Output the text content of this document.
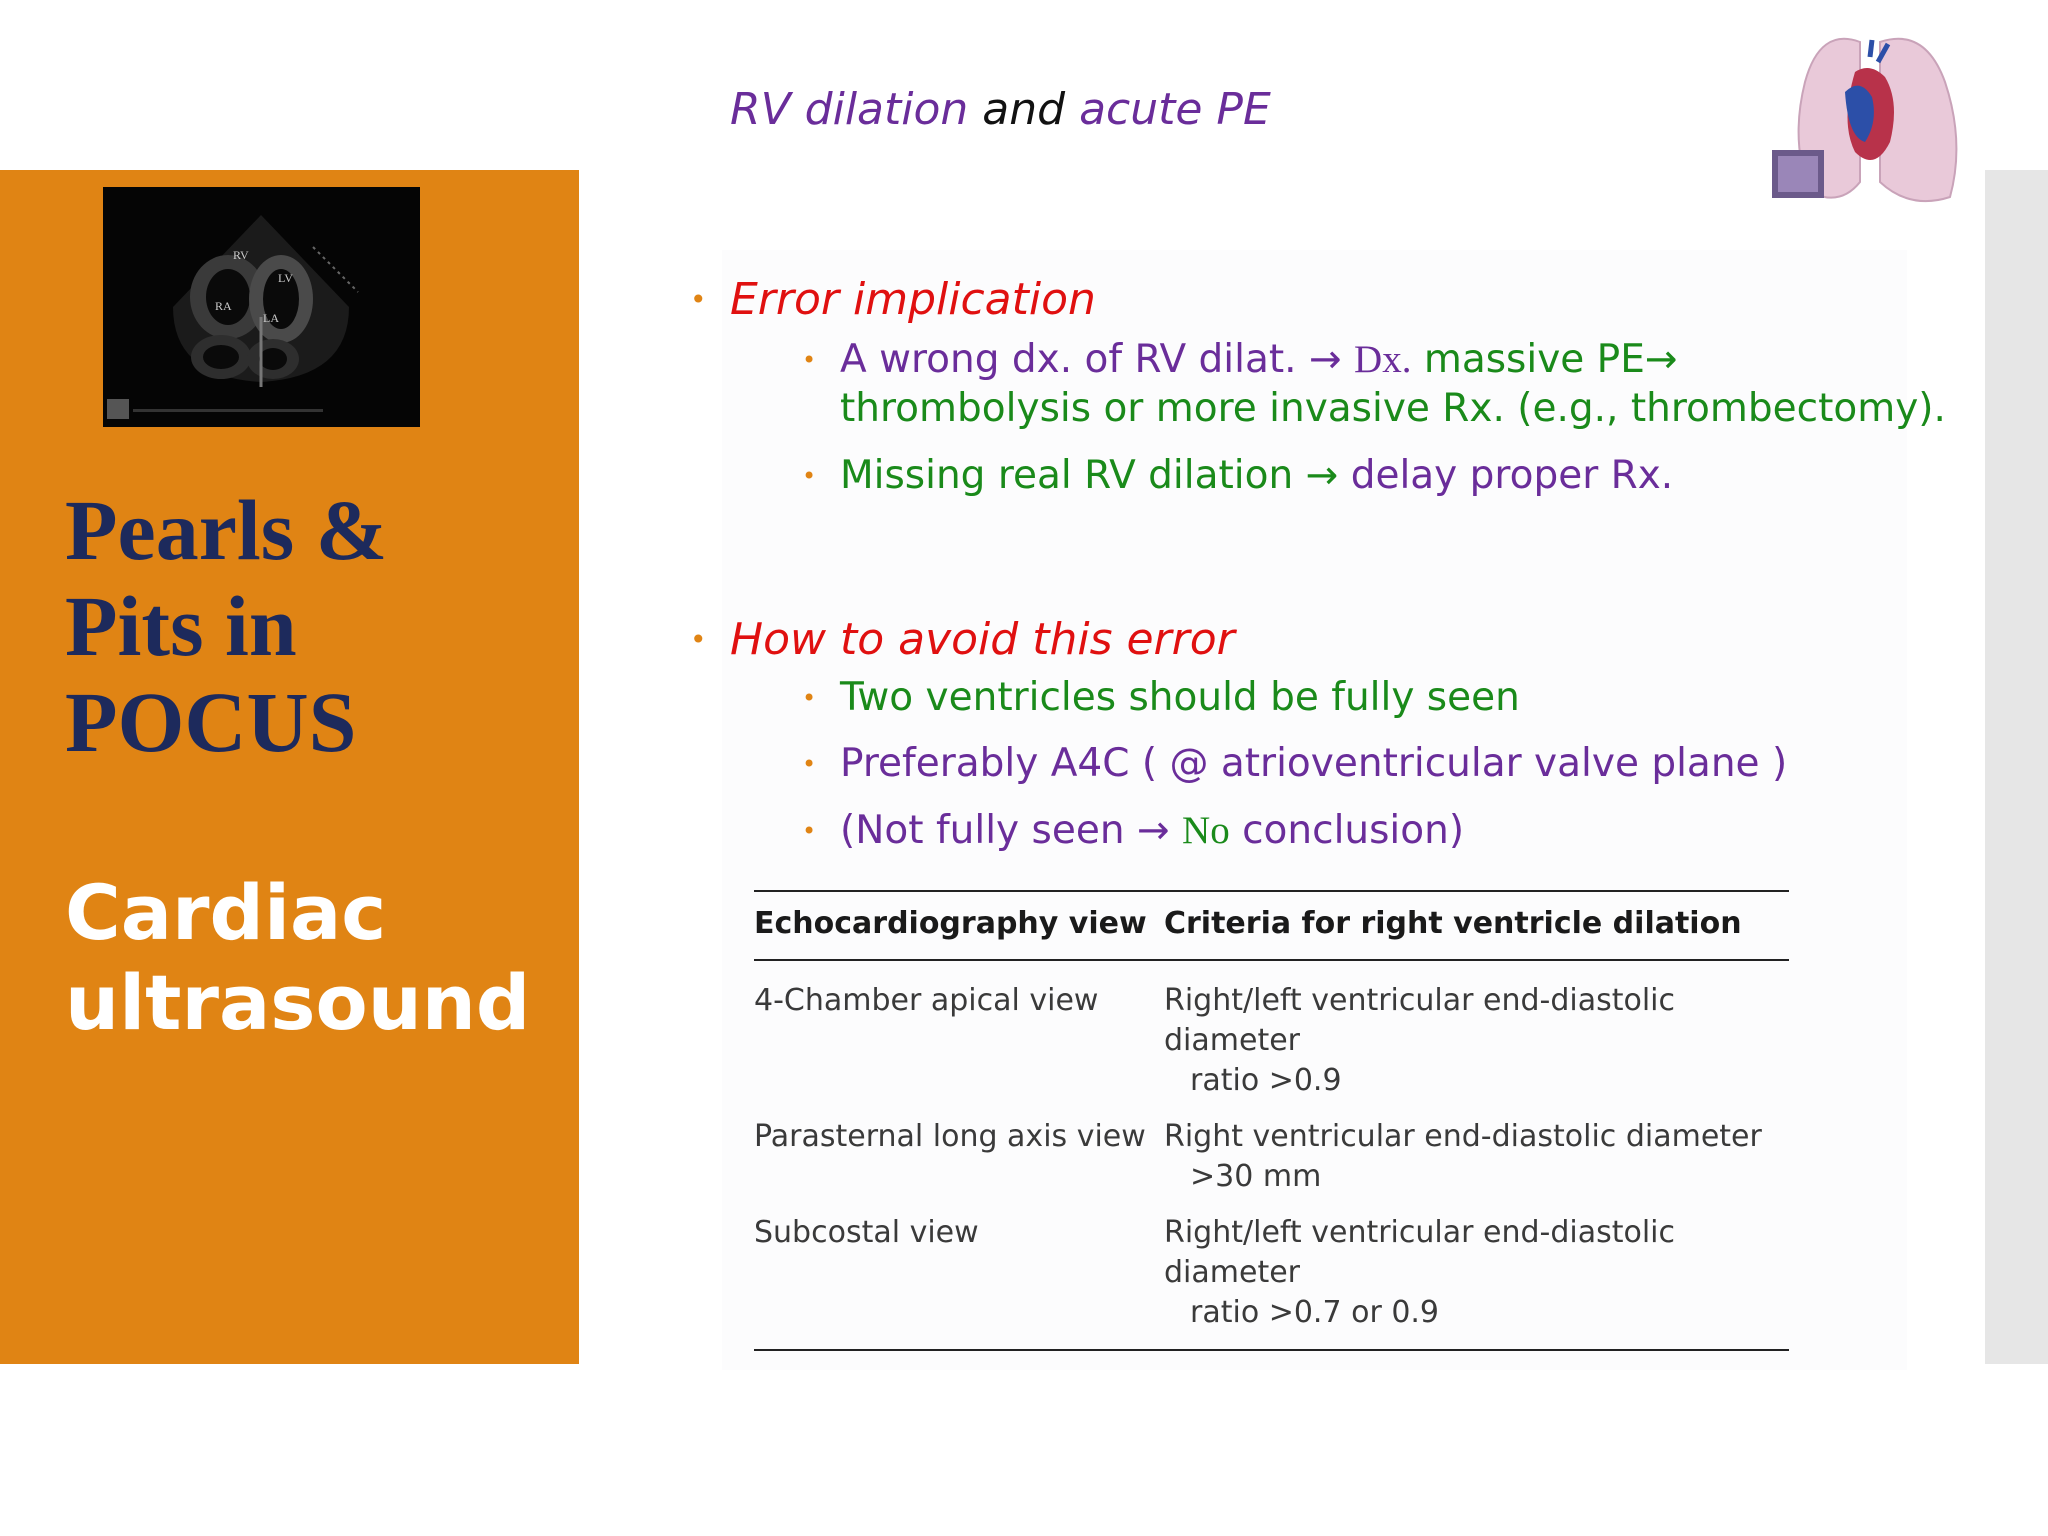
RV
LV
RA
LA
Pearls & Pits in POCUS
Cardiac ultrasound
RV dilation and acute PE
• Error implication
• A wrong dx. of RV dilat. → Dx. massive PE→
thrombolysis or more invasive Rx. (e.g., thrombectomy).
• Missing real RV dilation → delay proper Rx.
• How to avoid this error
• Two ventricles should be fully seen
• Preferably A4C ( @ atrioventricular valve plane )
• (Not fully seen → No conclusion)
Echocardiography view	Criteria for right ventricle dilation
4-Chamber apical view	Right/left ventricular end-diastolic diameter
ratio >0.9

Parasternal long axis view	Right ventricular end-diastolic diameter
>30 mm

Subcostal view	Right/left ventricular end-diastolic diameter
ratio >0.7 or 0.9
